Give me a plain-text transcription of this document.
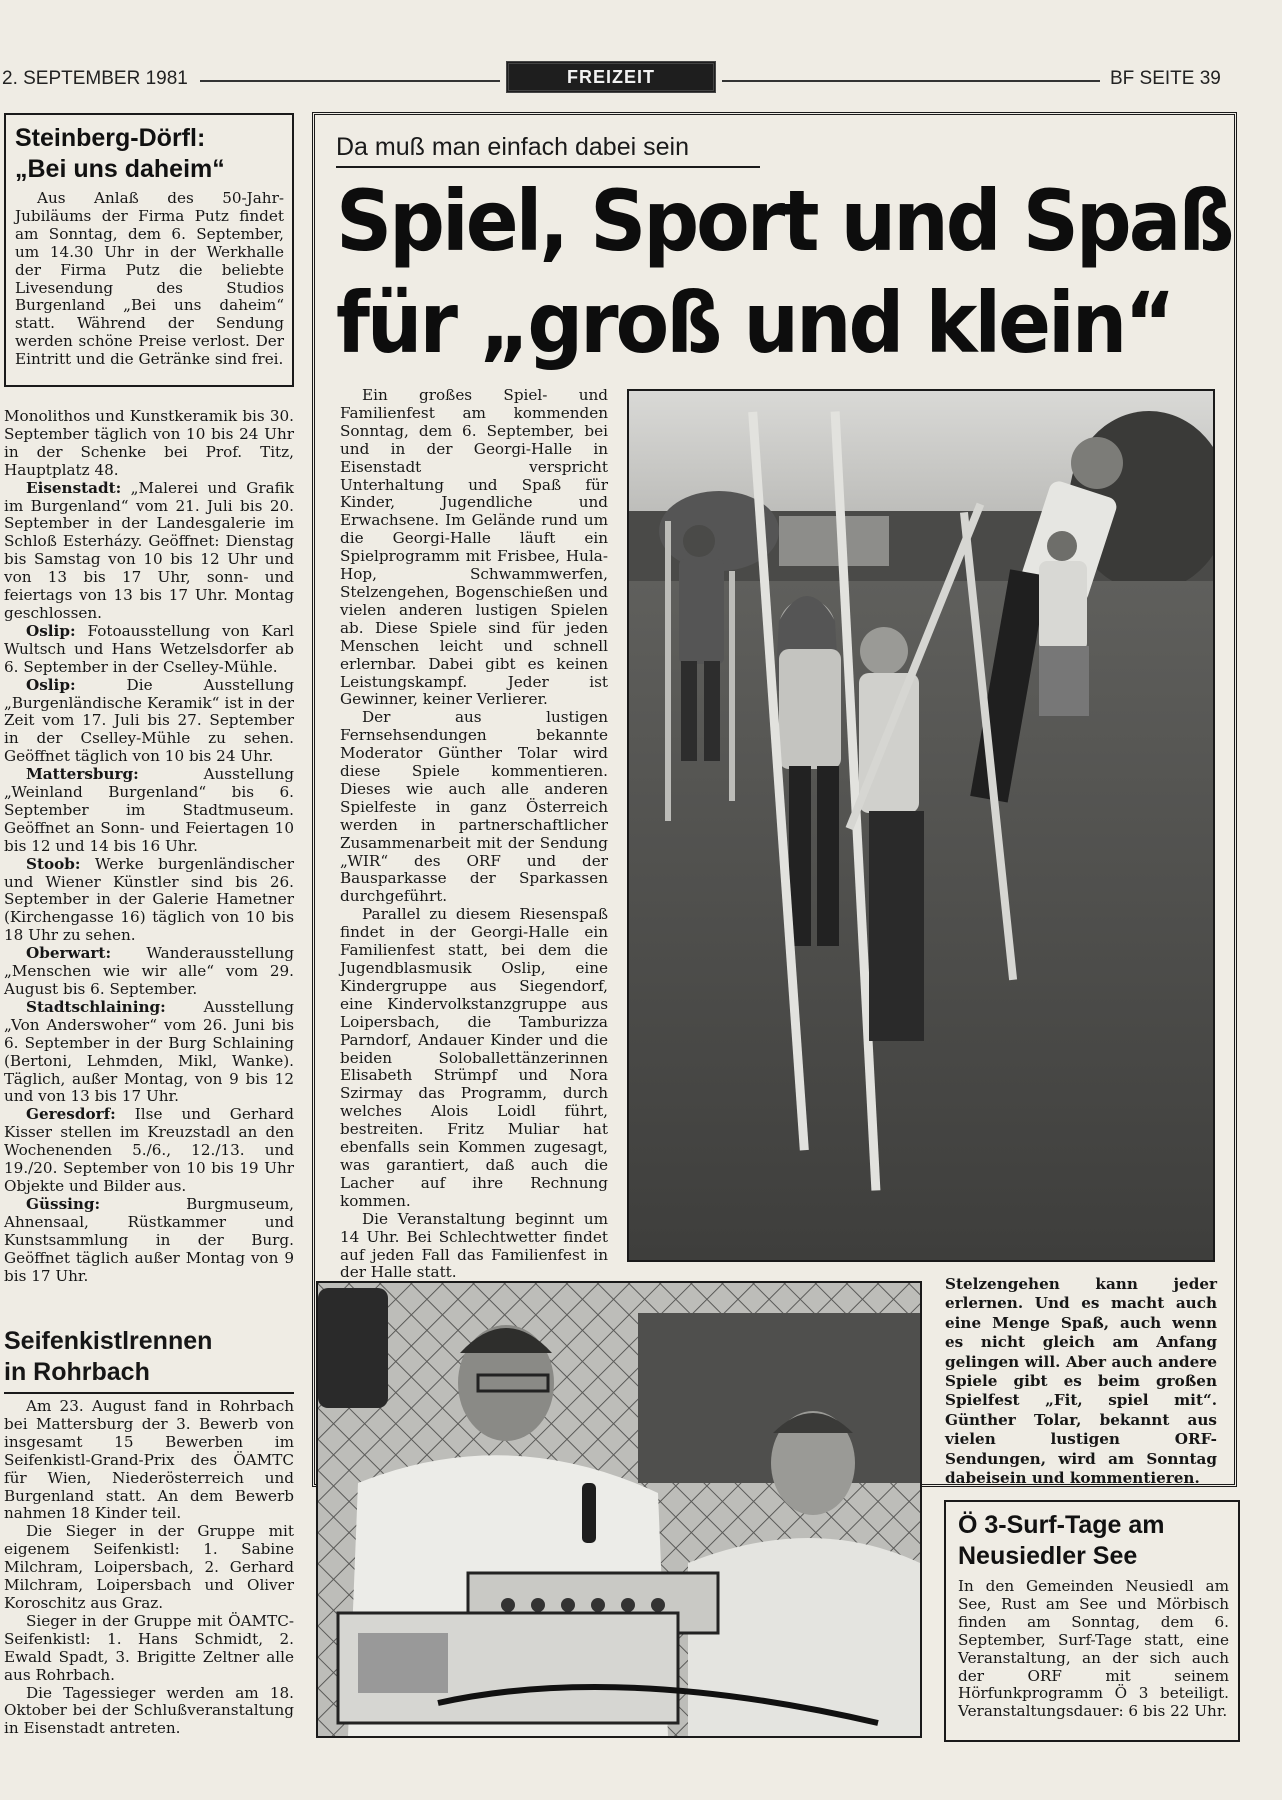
2. SEPTEMBER 1981	FREIZEIT	BF SEITE 39
Steinberg-Dörfl:
„Bei uns daheim“
Aus Anlaß des 50-Jahr-Jubiläums der Firma Putz findet am Sonntag, dem 6. September, um 14.30 Uhr in der Werkhalle der Firma Putz die beliebte Livesendung des Studios Burgenland „Bei uns daheim“ statt. Während der Sendung werden schöne Preise verlost. Der Eintritt und die Getränke sind frei.

Monolithos und Kunstkeramik bis 30. September täglich von 10 bis 24 Uhr in der Schenke bei Prof. Titz, Hauptplatz 48.

Eisenstadt: „Malerei und Grafik im Burgenland“ vom 21. Juli bis 20. September in der Landesgalerie im Schloß Esterházy. Geöffnet: Dienstag bis Samstag von 10 bis 12 Uhr und von 13 bis 17 Uhr, sonn- und feiertags von 13 bis 17 Uhr. Montag geschlossen.

Oslip: Fotoausstellung von Karl Wultsch und Hans Wetzelsdorfer ab 6. September in der Cselley-Mühle.

Oslip:	Die Ausstellung „Burgenländische Keramik“ ist in der Zeit vom 17. Juli bis 27. September in der Cselley-Mühle zu sehen. Geöffnet täglich von 10 bis 24 Uhr.

Mattersburg:	Ausstellung „Weinland Burgenland“ bis 6. September im Stadtmuseum. Geöffnet an Sonn- und Feiertagen 10 bis 12 und 14 bis 16 Uhr.

Stoob: Werke burgenländischer und Wiener Künstler sind bis 26. September in der Galerie Hametner (Kirchengasse 16) täglich von 10 bis 18 Uhr zu sehen.

Oberwart: Wanderausstellung „Menschen wie wir alle“ vom 29. August bis 6. September.

Stadtschlaining: Ausstellung „Von Anderswoher“ vom 26. Juni bis 6. September in der Burg Schlaining (Bertoni, Lehmden, Mikl, Wanke). Täglich, außer Montag, von 9 bis 12 und von 13 bis 17 Uhr.

Geresdorf: Ilse und Gerhard Kisser stellen im Kreuzstadl an den Wochenenden 5./6., 12./13. und 19./20. September von 10 bis 19 Uhr Objekte und Bilder aus.

Güssing:	Burgmuseum, Ahnensaal, Rüstkammer und Kunstsammlung in der Burg. Geöffnet täglich außer Montag von 9 bis 17 Uhr.

Seifenkistlrennen
in Rohrbach

Am 23. August fand in Rohrbach bei Mattersburg der 3. Bewerb von insgesamt 15 Bewerben im Seifenkistl-Grand-Prix des ÖAMTC für Wien, Niederösterreich und Burgenland statt. An dem Bewerb nahmen 18 Kinder teil.

Die Sieger in der Gruppe mit eigenem Seifenkistl: 1. Sabine Milchram, Loipersbach, 2. Gerhard Milchram, Loipersbach und Oliver Koroschitz aus Graz.

Sieger in der Gruppe mit ÖAMTC-Seifenkistl: 1. Hans Schmidt, 2. Ewald Spadt, 3. Brigitte Zeltner alle aus Rohrbach.

Die Tagessieger werden am 18. Oktober bei der Schlußveranstaltung in Eisenstadt antreten.

Da muß man einfach dabei sein
Spiel, Sport und Spaß
für „groß und klein“

Ein großes Spiel- und Familienfest am kommenden Sonntag, dem 6. September, bei und in der Georgi-Halle in Eisenstadt verspricht Unterhaltung und Spaß für Kinder, Jugendliche und Erwachsene. Im Gelände rund um die Georgi-Halle läuft ein Spielprogramm mit Frisbee, Hula-Hop, Schwammwerfen, Stelzengehen, Bogenschießen und vielen anderen lustigen Spielen ab. Diese Spiele sind für jeden Menschen leicht und schnell erlernbar. Dabei gibt es keinen Leistungskampf. Jeder ist Gewinner, keiner Verlierer.

Der aus lustigen Fernsehsendungen bekannte Moderator Günther Tolar wird diese Spiele kommentieren. Dieses wie auch alle anderen Spielfeste in ganz Österreich werden in partnerschaftlicher Zusammenarbeit mit der Sendung „WIR“ des ORF und der Bausparkasse der Sparkassen durchgeführt.

Parallel zu diesem Riesenspaß findet in der Georgi-Halle ein Familienfest statt, bei dem die Jugendblasmusik Oslip, eine Kindergruppe aus Siegendorf, eine Kindervolkstanzgruppe aus Loipersbach, die Tamburizza Parndorf, Andauer Kinder und die beiden Soloballettänzerinnen Elisabeth Strümpf und Nora Szirmay das Programm, durch welches Alois Loidl führt, bestreiten. Fritz Muliar hat ebenfalls sein Kommen zugesagt, was garantiert, daß auch die Lacher auf ihre Rechnung kommen.

Die Veranstaltung beginnt um 14 Uhr. Bei Schlechtwetter findet auf jeden Fall das Familienfest in der Halle statt.

Stelzengehen kann jeder erlernen. Und es macht auch eine Menge Spaß, auch wenn es nicht gleich am Anfang gelingen will. Aber auch andere Spiele gibt es beim großen Spielfest „Fit, spiel mit“. Günther Tolar, bekannt aus vielen lustigen ORF-Sendungen, wird am Sonntag dabeisein und kommentieren.
Ö 3-Surf-Tage am
Neusiedler See
In den Gemeinden Neusiedl am See, Rust am See und Mörbisch finden am Sonntag, dem 6. September, Surf-Tage statt, eine Veranstaltung, an der sich auch der ORF mit seinem Hörfunkprogramm Ö 3 beteiligt. Veranstaltungsdauer: 6 bis 22 Uhr.
